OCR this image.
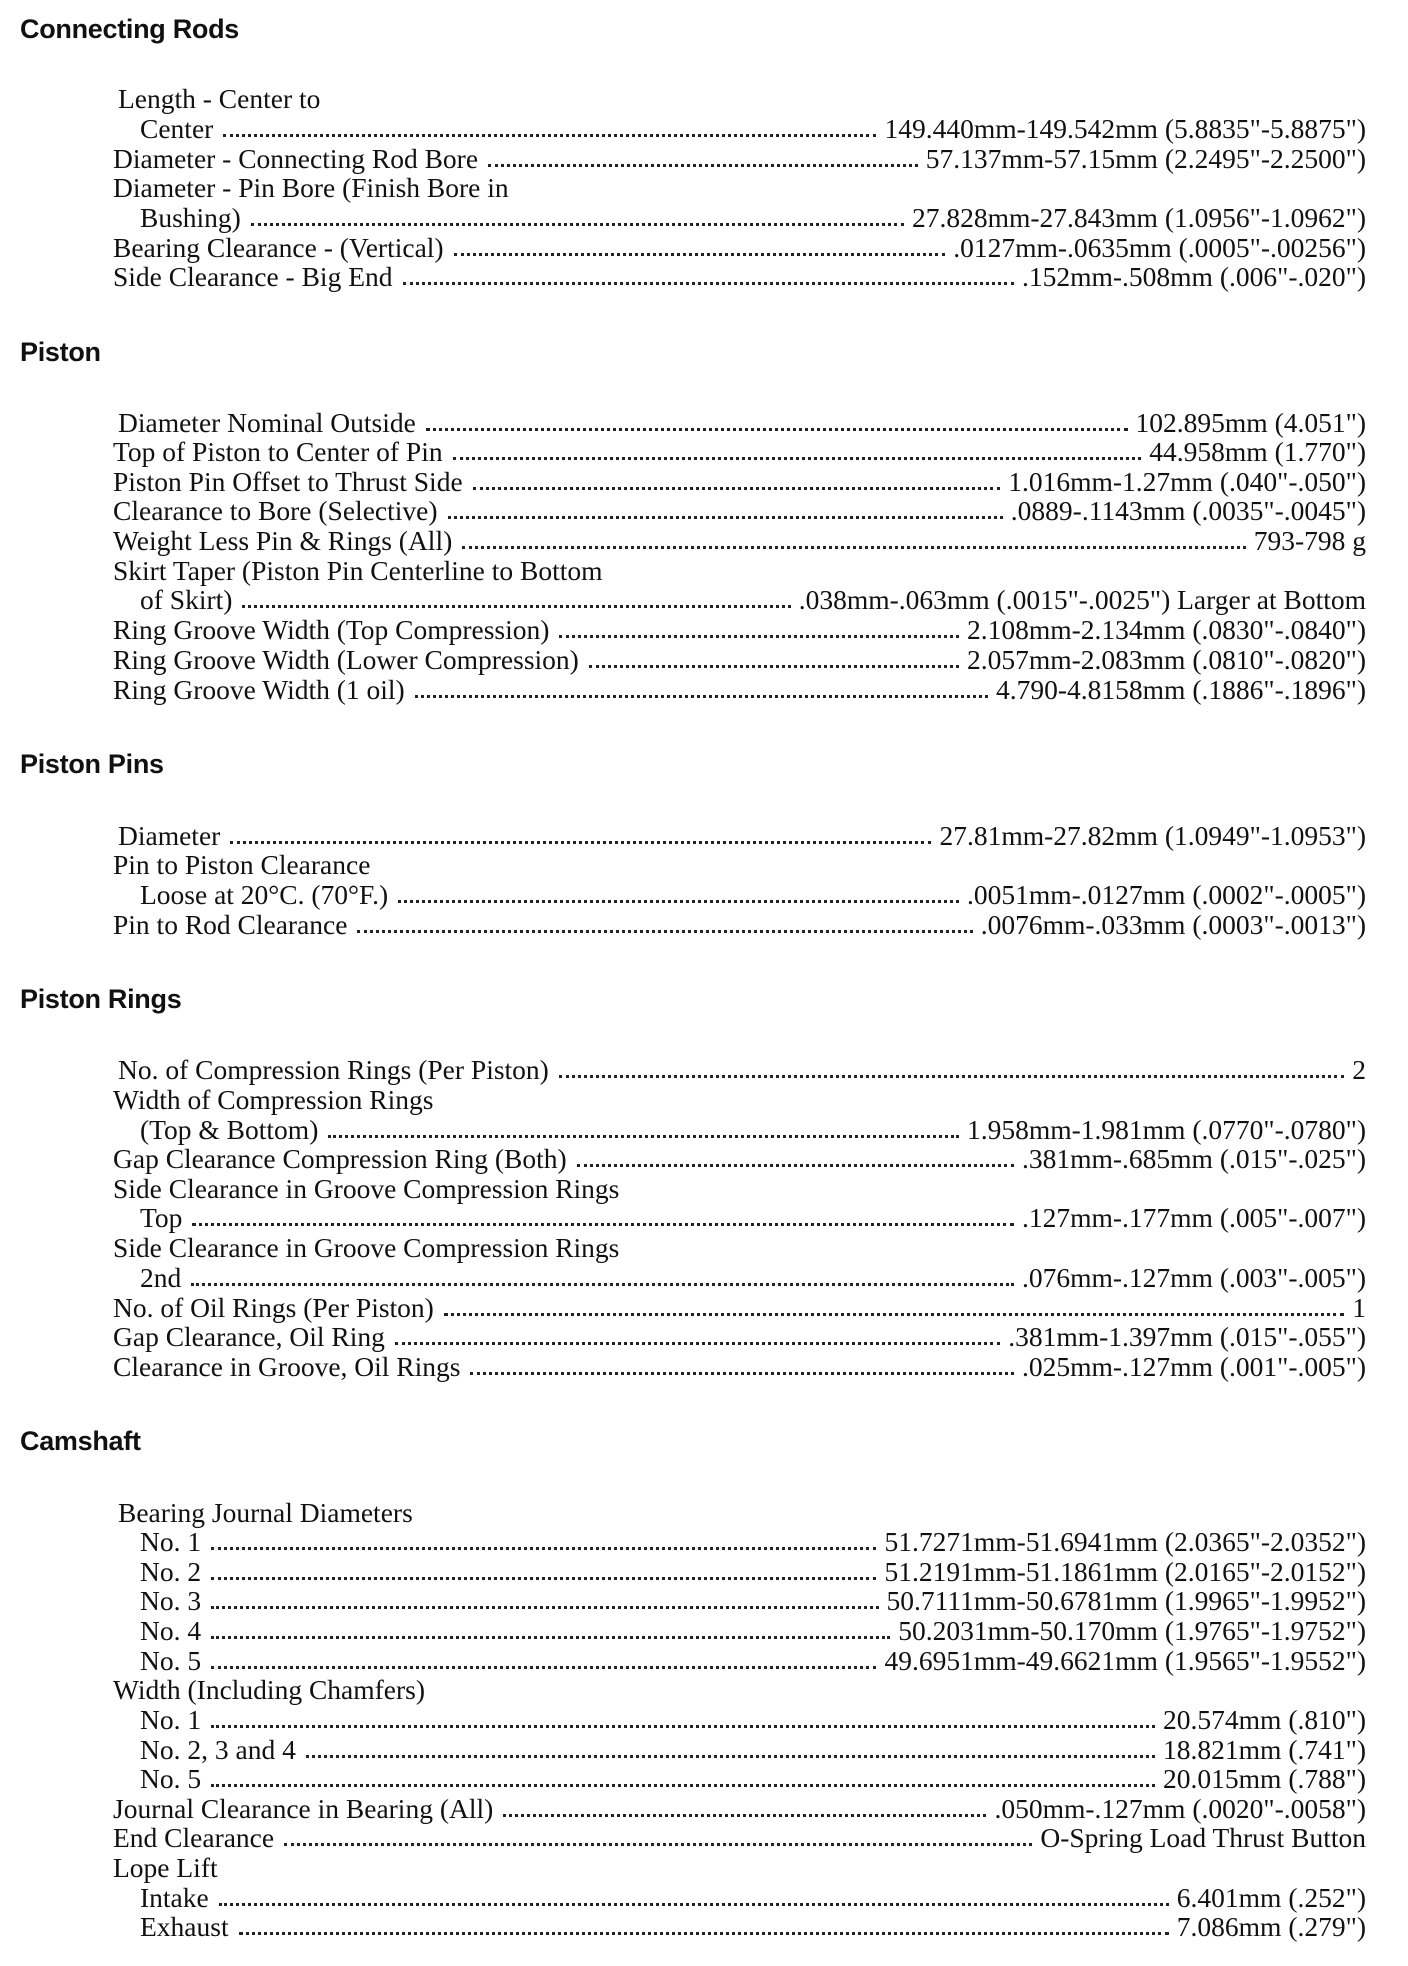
Connecting Rods
Length - Center to
Center	149.440mm-149.542mm (5.8835"-5.8875")
Diameter - Connecting Rod Bore	57.137mm-57.15mm (2.2495"-2.2500")
Diameter - Pin Bore (Finish Bore in
Bushing)	27.828mm-27.843mm (1.0956"-1.0962")
Bearing Clearance - (Vertical)	.0127mm-.0635mm (.0005"-.00256")
Side Clearance - Big End	.152mm-.508mm (.006"-.020")
Piston
Diameter Nominal Outside	102.895mm (4.051")
Top of Piston to Center of Pin	44.958mm (1.770")
Piston Pin Offset to Thrust Side	1.016mm-1.27mm (.040"-.050")
Clearance to Bore (Selective)	.0889-.1143mm (.0035"-.0045")
Weight Less Pin & Rings (All)	793-798 g
Skirt Taper (Piston Pin Centerline to Bottom
of Skirt)	.038mm-.063mm (.0015"-.0025") Larger at Bottom
Ring Groove Width (Top Compression)	2.108mm-2.134mm (.0830"-.0840")
Ring Groove Width (Lower Compression)	2.057mm-2.083mm (.0810"-.0820")
Ring Groove Width (1 oil)	4.790-4.8158mm (.1886"-.1896")
Piston Pins
Diameter	27.81mm-27.82mm (1.0949"-1.0953")
Pin to Piston Clearance
Loose at 20°C. (70°F.)	.0051mm-.0127mm (.0002"-.0005")
Pin to Rod Clearance	.0076mm-.033mm (.0003"-.0013")
Piston Rings
No. of Compression Rings (Per Piston)	2
Width of Compression Rings
(Top & Bottom)	1.958mm-1.981mm (.0770"-.0780")
Gap Clearance Compression Ring (Both)	.381mm-.685mm (.015"-.025")
Side Clearance in Groove Compression Rings
Top	.127mm-.177mm (.005"-.007")
Side Clearance in Groove Compression Rings
2nd	.076mm-.127mm (.003"-.005")
No. of Oil Rings (Per Piston)	1
Gap Clearance, Oil Ring	.381mm-1.397mm (.015"-.055")
Clearance in Groove, Oil Rings	.025mm-.127mm (.001"-.005")
Camshaft
Bearing Journal Diameters
No. 1	51.7271mm-51.6941mm (2.0365"-2.0352")
No. 2	51.2191mm-51.1861mm (2.0165"-2.0152")
No. 3	50.7111mm-50.6781mm (1.9965"-1.9952")
No. 4	50.2031mm-50.170mm (1.9765"-1.9752")
No. 5	49.6951mm-49.6621mm (1.9565"-1.9552")
Width (Including Chamfers)
No. 1	20.574mm (.810")
No. 2, 3 and 4	18.821mm (.741")
No. 5	20.015mm (.788")
Journal Clearance in Bearing (All)	.050mm-.127mm (.0020"-.0058")
End Clearance	O-Spring Load Thrust Button
Lope Lift
Intake	6.401mm (.252")
Exhaust	7.086mm (.279")
